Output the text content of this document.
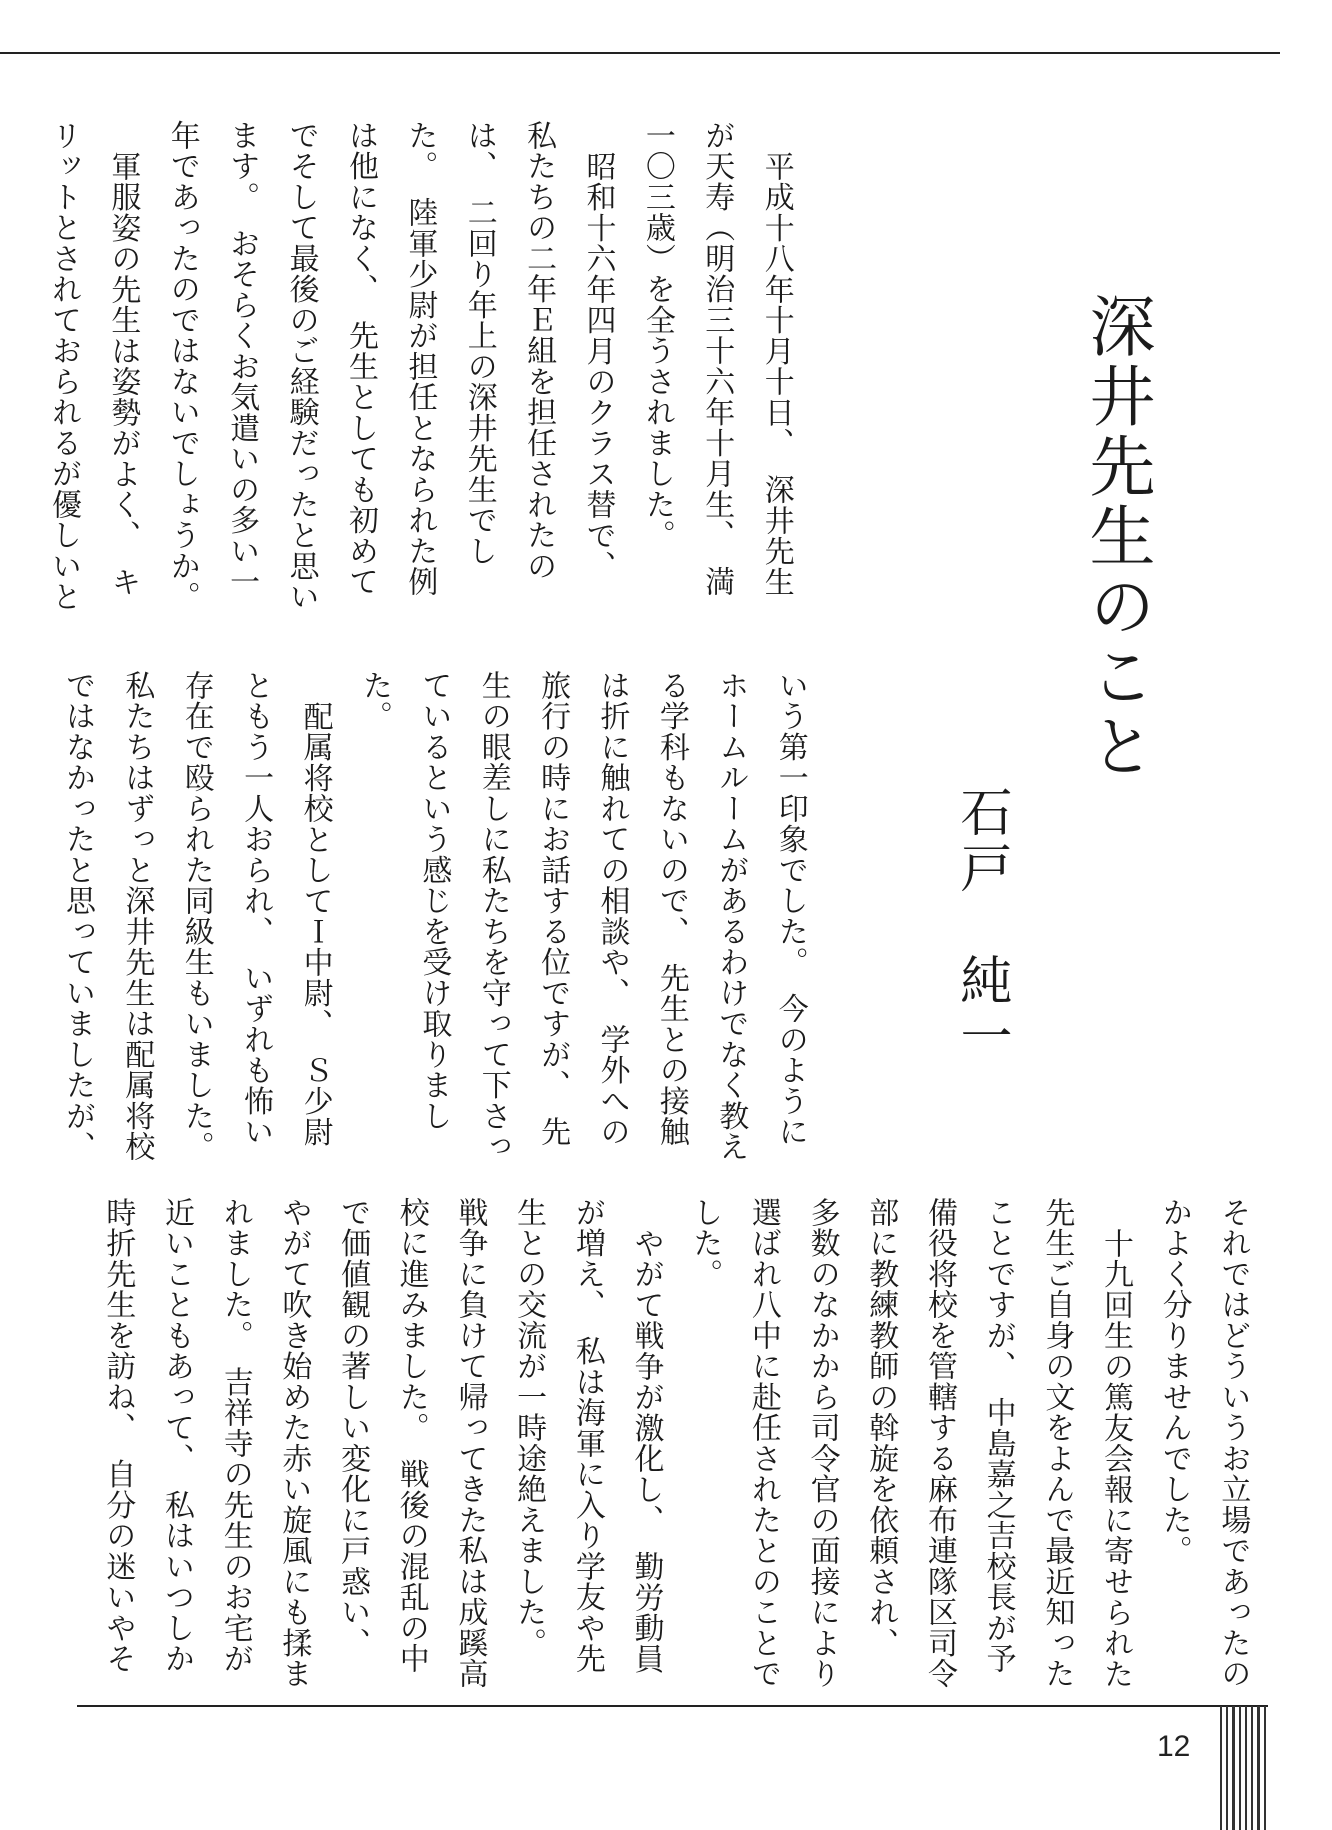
深井先生のこと
石戸　純一
平成十八年十月十日、　深井先生
が天寿（明治三十六年十月生、　満
一〇三歳）を全うされました。
昭和十六年四月のクラス替で、
私たちの二年Ｅ組を担任されたの
は、　二回り年上の深井先生でし
た。　陸軍少尉が担任となられた例
は他になく、　先生としても初めて
でそして最後のご経験だったと思い
ます。　おそらくお気遣いの多い一
年であったのではないでしょうか。
軍服姿の先生は姿勢がよく、　キ
リットとされておられるが優しいと
いう第一印象でした。　今のように
ホームルームがあるわけでなく教え
る学科もないので、　先生との接触
は折に触れての相談や、　学外への
旅行の時にお話する位ですが、　先
生の眼差しに私たちを守って下さっ
ているという感じを受け取りまし
た。
配属将校としてＩ中尉、　Ｓ少尉
ともう一人おられ、　いずれも怖い
存在で殴られた同級生もいました。
私たちはずっと深井先生は配属将校
ではなかったと思っていましたが、
それではどういうお立場であったの
かよく分りませんでした。
十九回生の篤友会報に寄せられた
先生ご自身の文をよんで最近知った
ことですが、　中島嘉之吉校長が予
備役将校を管轄する麻布連隊区司令
部に教練教師の斡旋を依頼され、
多数のなかから司令官の面接により
選ばれ八中に赴任されたとのことで
した。
やがて戦争が激化し、　勤労動員
が増え、　私は海軍に入り学友や先
生との交流が一時途絶えました。
戦争に負けて帰ってきた私は成蹊高
校に進みました。　戦後の混乱の中
で価値観の著しい変化に戸惑い、
やがて吹き始めた赤い旋風にも揉ま
れました。　吉祥寺の先生のお宅が
近いこともあって、　私はいつしか
時折先生を訪ね、　自分の迷いやそ
12
